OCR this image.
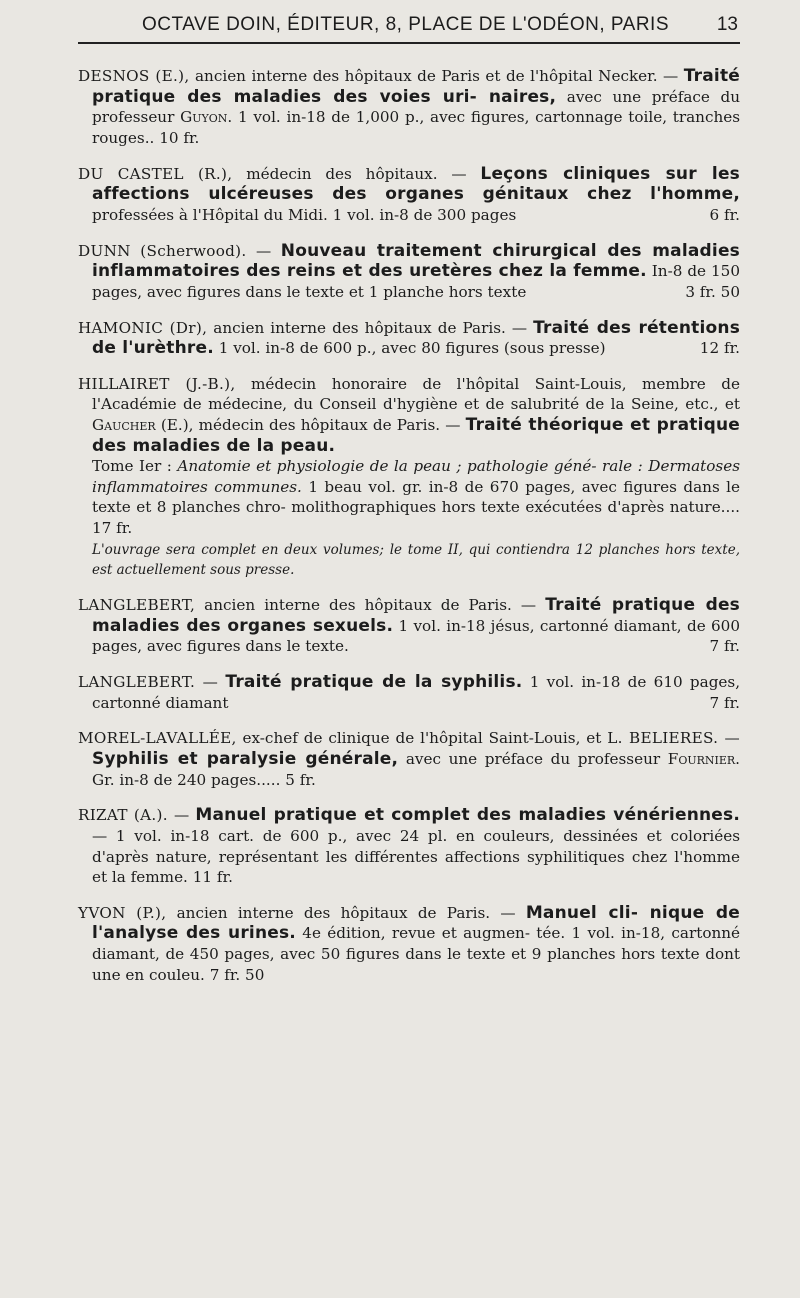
OCTAVE DOIN, ÉDITEUR, 8, PLACE DE L'ODÉON, PARIS	13

DESNOS (E.), ancien interne des hôpitaux de Paris et de l'hôpital Necker. — Traité pratique des maladies des voies uri- naires, avec une préface du professeur Guyon. 1 vol. in-18 de 1,000 p., avec figures, cartonnage toile, tranches rouges.. 10 fr.

DU CASTEL (R.), médecin des hôpitaux. — Leçons cliniques sur les affections ulcéreuses des organes génitaux chez l'homme, professées à l'Hôpital du Midi. 1 vol. in-8 de 300 pages	6 fr.

DUNN (Scherwood). — Nouveau traitement chirurgical des maladies inflammatoires des reins et des uretères chez la femme. In-8 de 150 pages, avec figures dans le texte et 1 planche hors texte	3 fr. 50

HAMONIC (Dr), ancien interne des hôpitaux de Paris. — Traité des rétentions de l'urèthre. 1 vol. in-8 de 600 p., avec 80 figures (sous presse)	12 fr.

HILLAIRET (J.-B.), médecin honoraire de l'hôpital Saint-Louis, membre de l'Académie de médecine, du Conseil d'hygiène et de salubrité de la Seine, etc., et Gaucher (E.), médecin des hôpitaux de Paris. — Traité théorique et pratique des maladies de la peau.
Tome Ier : Anatomie et physiologie de la peau ; pathologie géné- rale : Dermatoses inflammatoires communes. 1 beau vol. gr. in-8 de 670 pages, avec figures dans le texte et 8 planches chro- molithographiques hors texte exécutées d'après nature.... 17 fr.
L'ouvrage sera complet en deux volumes; le tome II, qui contiendra 12 planches hors texte, est actuellement sous presse.

LANGLEBERT, ancien interne des hôpitaux de Paris. — Traité pratique des maladies des organes sexuels. 1 vol. in-18 jésus, cartonné diamant, de 600 pages, avec figures dans le texte.	7 fr.

LANGLEBERT. — Traité pratique de la syphilis. 1 vol. in-18 de 610 pages, cartonné diamant	7 fr.

MOREL-LAVALLÉE, ex-chef de clinique de l'hôpital Saint-Louis, et L. BELIERES. — Syphilis et paralysie générale, avec une préface du professeur Fournier. Gr. in-8 de 240 pages..... 5 fr.

RIZAT (A.). — Manuel pratique et complet des maladies vénériennes. — 1 vol. in-18 cart. de 600 p., avec 24 pl. en couleurs, dessinées et coloriées d'après nature, représentant les différentes affections syphilitiques chez l'homme et la femme. 11 fr.

YVON (P.), ancien interne des hôpitaux de Paris. — Manuel cli- nique de l'analyse des urines. 4e édition, revue et augmen- tée. 1 vol. in-18, cartonné diamant, de 450 pages, avec 50 figures dans le texte et 9 planches hors texte dont une en couleu. 7 fr. 50
